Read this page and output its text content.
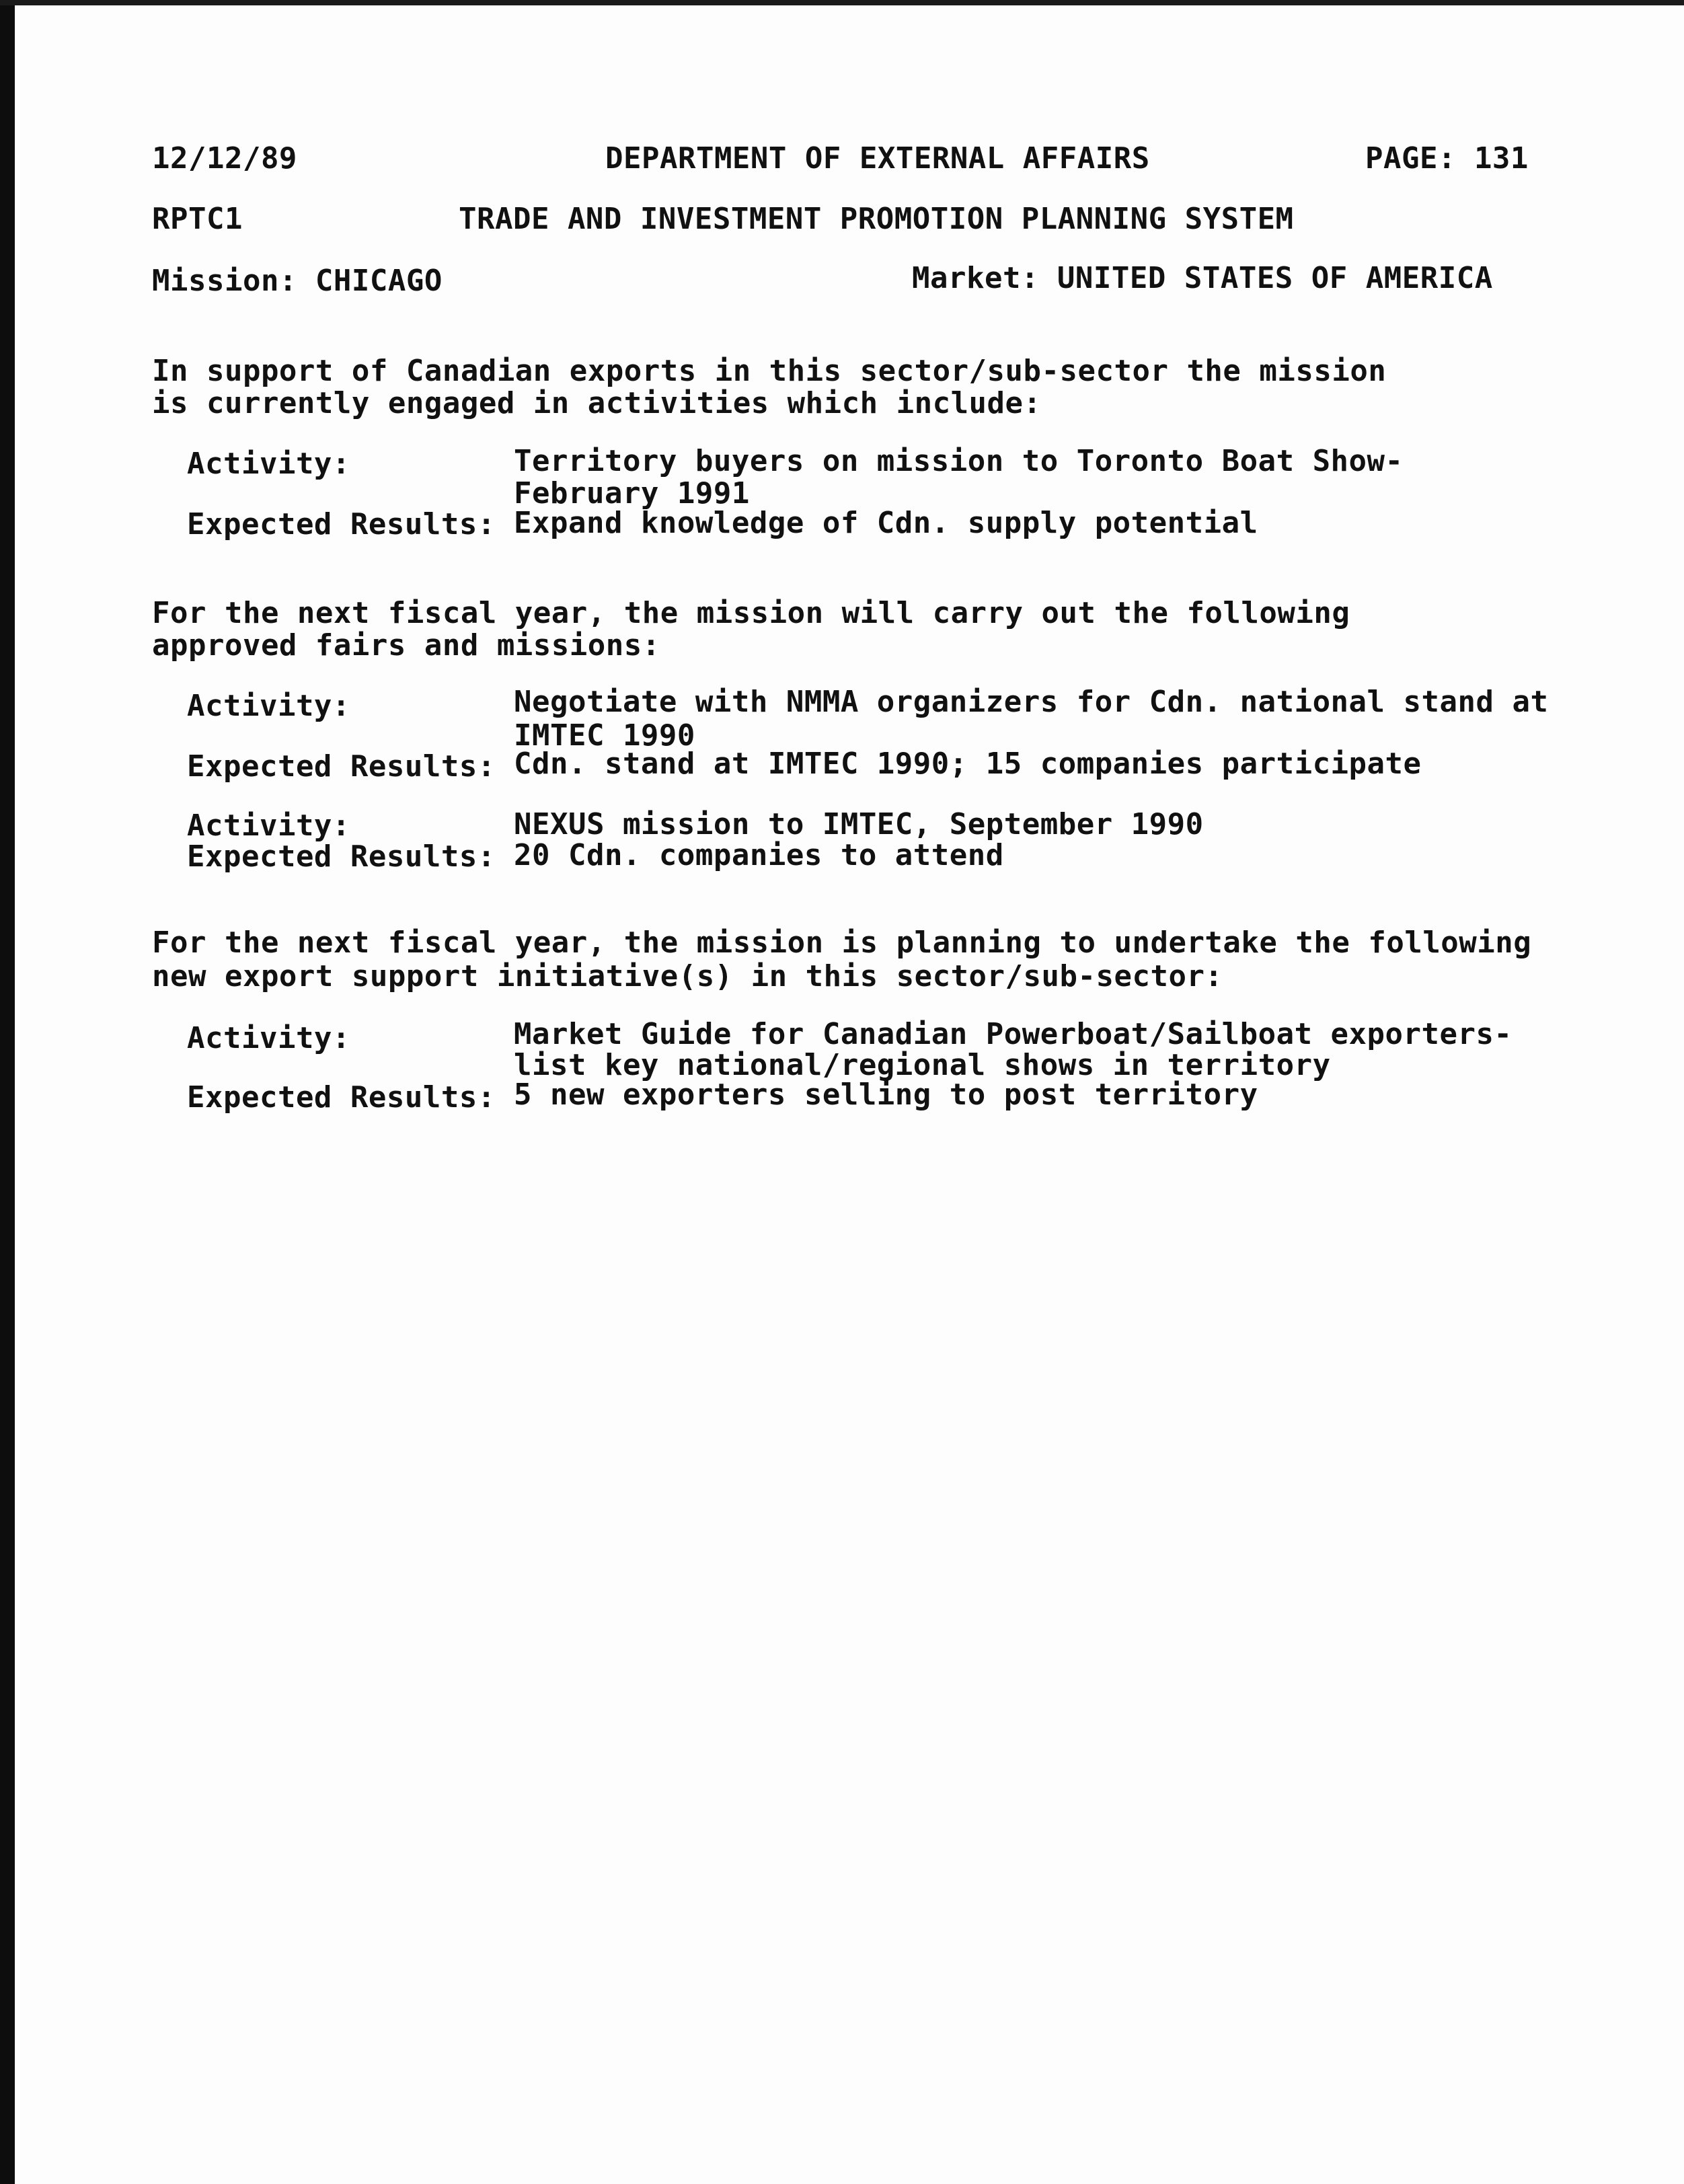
12/12/89	DEPARTMENT OF EXTERNAL AFFAIRS	PAGE: 131
RPTC1	TRADE AND INVESTMENT PROMOTION PLANNING SYSTEM
Mission: CHICAGO	Market: UNITED STATES OF AMERICA
In support of Canadian exports in this sector/sub-sector the mission
is currently engaged in activities which include:
Activity:	Territory buyers on mission to Toronto Boat Show-
February 1991
Expected Results: Expand knowledge of Cdn. supply potential
For the next fiscal year, the mission will carry out the following
approved fairs and missions:
Activity:	Negotiate with NMMA organizers for Cdn. national stand at
IMTEC 1990
Expected Results: Cdn. stand at IMTEC 1990; 15 companies participate
Activity:	NEXUS mission to IMTEC, September 1990
Expected Results: 20 Cdn. companies to attend
For the next fiscal year, the mission is planning to undertake the following
new export support initiative(s) in this sector/sub-sector:
Activity:	Market Guide for Canadian Powerboat/Sailboat exporters-
list key national/regional shows in territory
Expected Results: 5 new exporters selling to post territory
